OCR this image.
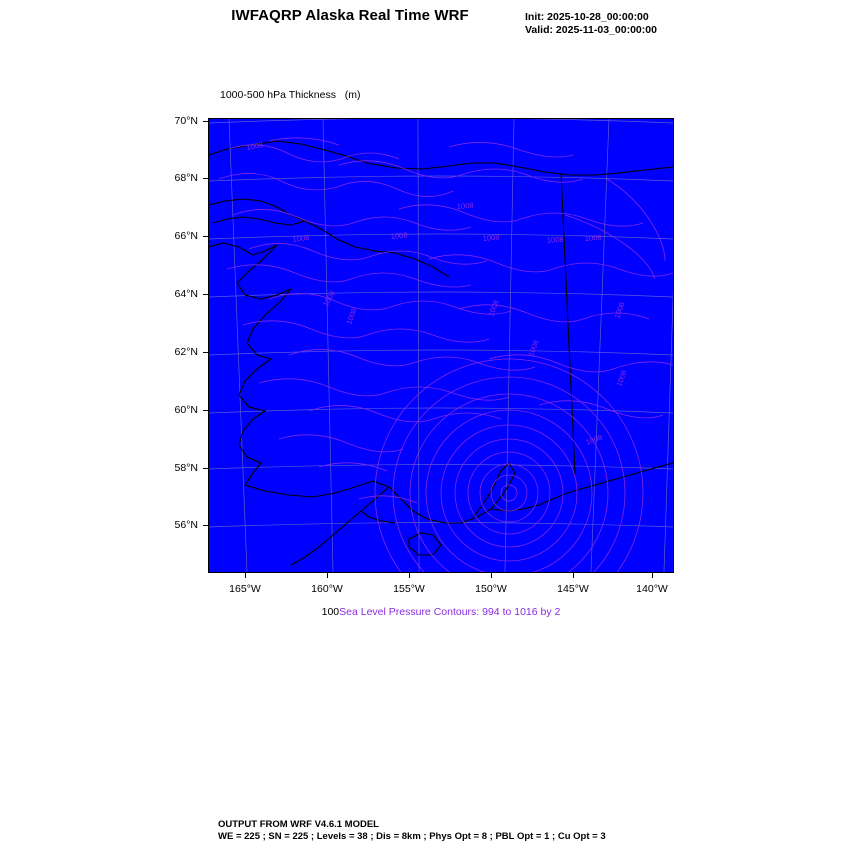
IWFAQRP Alaska Real Time WRF	Init: 2025-10-28_00:00:00
Valid: 2025-11-03_00:00:00

1000-500 hPa Thickness   (m)

1008
1008	1008
1008
1008	1008	1008
1008	1008
1008
1008
1008
1008
1008
70°N
68°N
66°N
64°N
62°N
60°N
58°N
56°N
165°W	160°W	155°W	150°W	145°W	140°W
100Sea Level Pressure Contours: 994 to 1016 by 2
OUTPUT FROM WRF V4.6.1 MODEL
WE = 225 ; SN = 225 ; Levels = 38 ; Dis = 8km ; Phys Opt = 8 ; PBL Opt = 1 ; Cu Opt = 3
